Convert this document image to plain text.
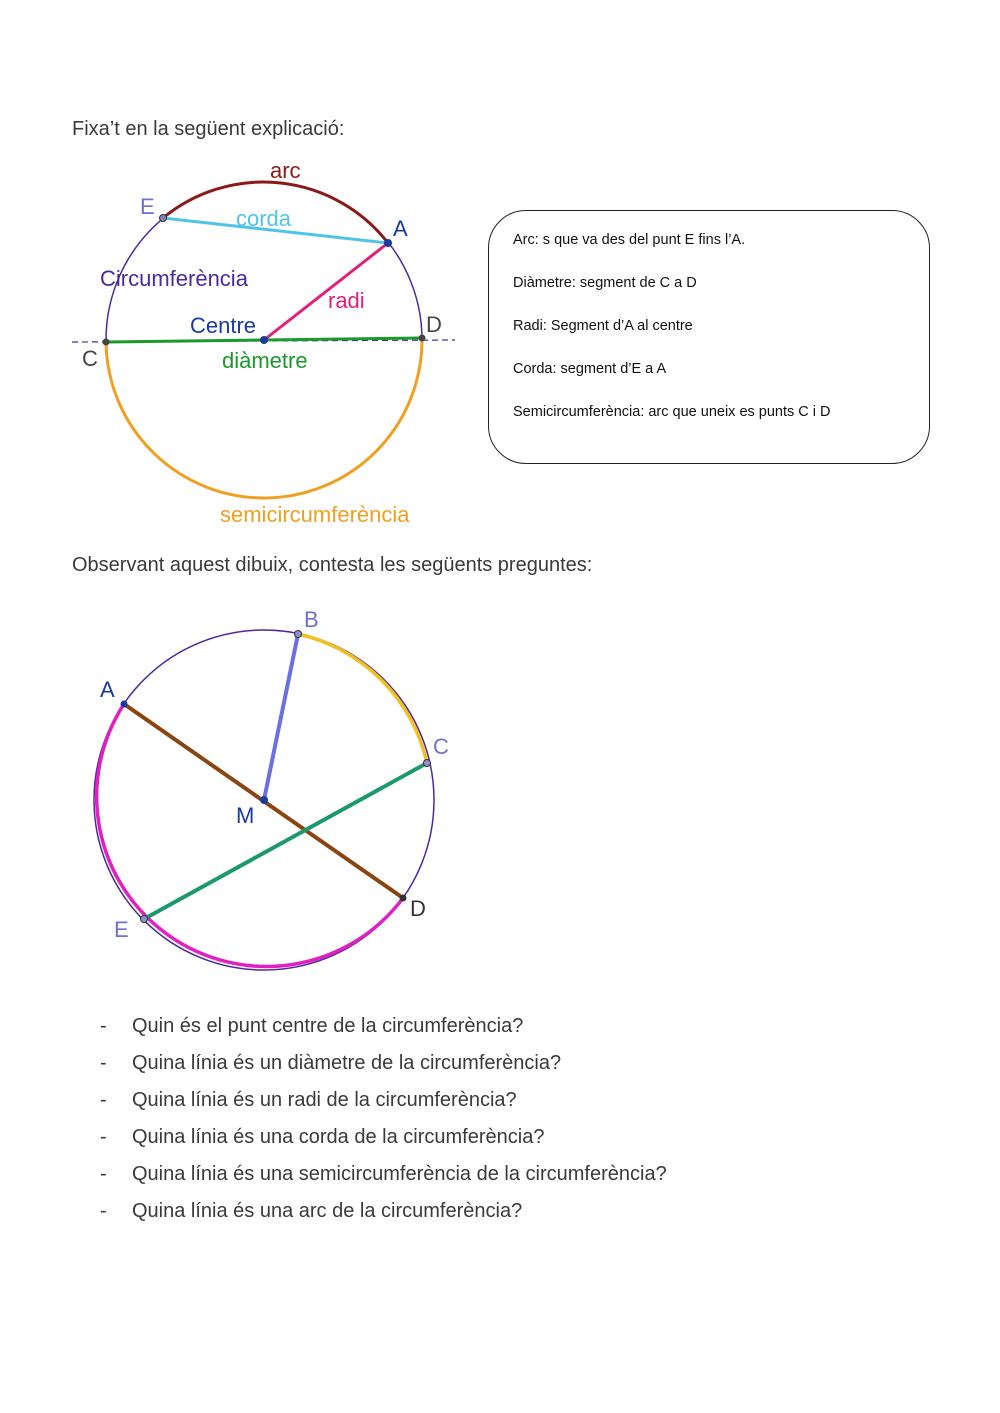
Fixa’t en la següent explicació:
arc
E	corda	A
Circumferència
radi
Centre	D
C	diàmetre
semicircumferència

Arc: s que va des del punt E fins l’A.

Diàmetre: segment de C a D

Radi: Segment d’A al centre

Corda: segment d’E a A

Semicircumferència: arc que uneix es punts C i D

Observant aquest dibuix, contesta les següents preguntes:
A
B
C
D
E
M
-	Quin és el punt centre de la circumferència?
-	Quina línia és un diàmetre de la circumferència?
-	Quina línia és un radi de la circumferència?
-	Quina línia és una corda de la circumferència?
-	Quina línia és una semicircumferència de la circumferència?
-	Quina línia és una arc de la circumferència?
